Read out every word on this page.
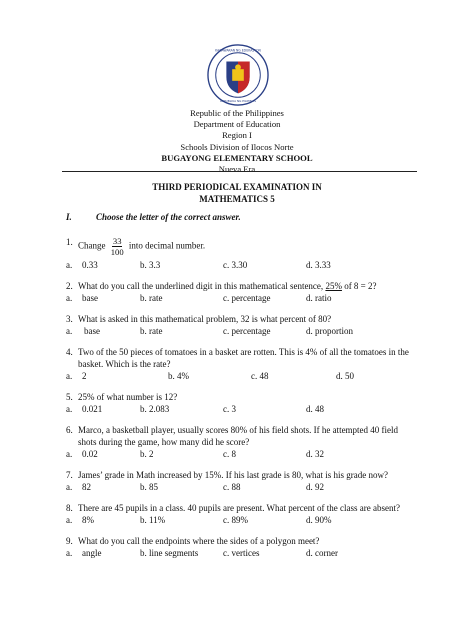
KAGAWARAN NG EDUKASYON
REPUBLIKA NG PILIPINAS
Republic of the Philippines
Department of Education
Region I
Schools Division of Ilocos Norte
BUGAYONG ELEMENTARY SCHOOL
Nueva Era
THIRD PERIODICAL EXAMINATION IN
MATHEMATICS 5
I.	Choose the letter of the correct answer.
1. Change $\frac{33}{100}$ into decimal number.
a. 0.33	b. 3.3	c. 3.30	d. 3.33
2. What do you call the underlined digit in this mathematical sentence, 25% of 8 = 2?
a. base	b. rate	c. percentage	d. ratio
3. What is asked in this mathematical problem, 32 is what percent of 80?
a. base	b. rate	c. percentage	d. proportion
4. Two of the 50 pieces of tomatoes in a basket are rotten. This is 4% of all the tomatoes in the basket. Which is the rate?
a. 2	b. 4%	c. 48	d. 50
5. 25% of what number is 12?
a. 0.021	b. 2.083	c. 3	d. 48
6. Marco, a basketball player, usually scores 80% of his field shots. If he attempted 40 field shots during the game, how many did he score?
a. 0.02	b. 2	c. 8	d. 32
7. James’ grade in Math increased by 15%. If his last grade is 80, what is his grade now?
a. 82	b. 85	c. 88	d. 92
8. There are 45 pupils in a class. 40 pupils are present. What percent of the class are absent?
a. 8%	b. 11%	c. 89%	d. 90%
9. What do you call the endpoints where the sides of a polygon meet?
a. angle	b. line segments	c. vertices	d. corner
